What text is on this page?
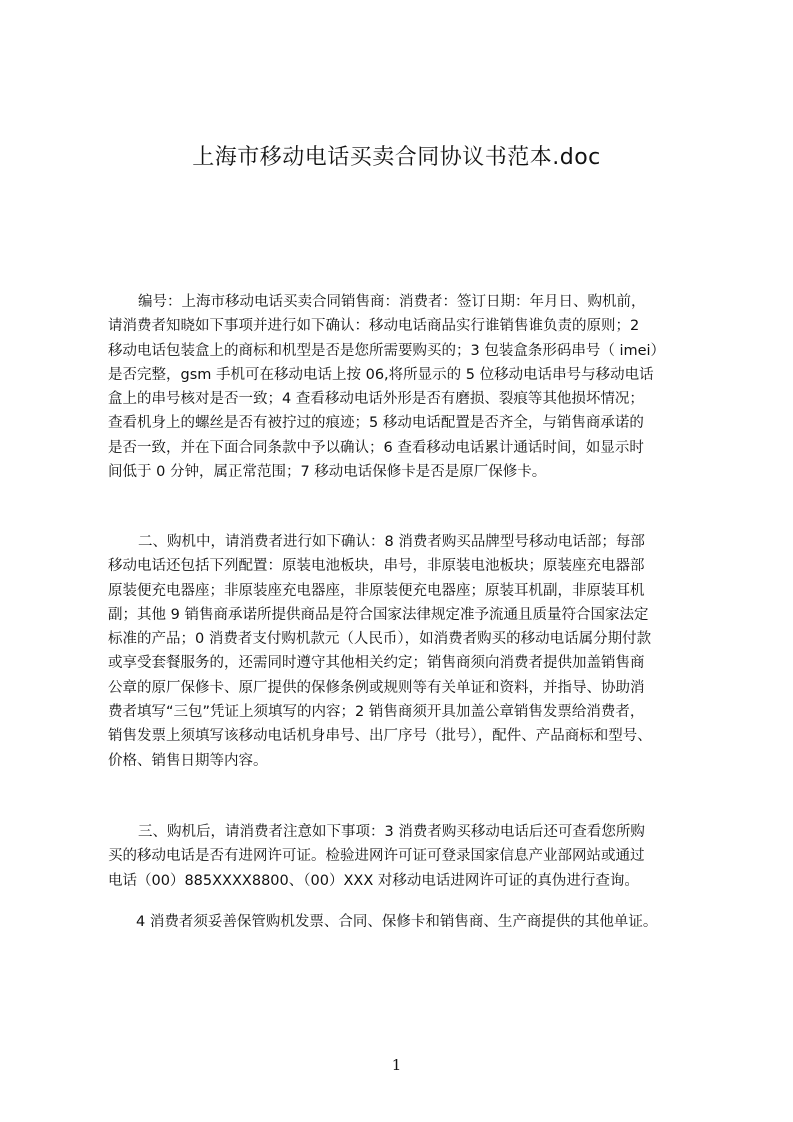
上海市移动电话买卖合同协议书范本.doc
编号：上海市移动电话买卖合同销售商：消费者：签订日期：年月日、购机前，
请消费者知晓如下事项并进行如下确认：移动电话商品实行谁销售谁负责的原则；2
移动电话包装盒上的商标和机型是否是您所需要购买的；3 包装盒条形码串号（ imei）
是否完整，gsm 手机可在移动电话上按 06,将所显示的 5 位移动电话串号与移动电话
盒上的串号核对是否一致；4 查看移动电话外形是否有磨损、裂痕等其他损坏情况；
查看机身上的螺丝是否有被拧过的痕迹；5 移动电话配置是否齐全，与销售商承诺的
是否一致，并在下面合同条款中予以确认；6 查看移动电话累计通话时间，如显示时
间低于 0 分钟，属正常范围；7 移动电话保修卡是否是原厂保修卡。
二、购机中，请消费者进行如下确认：8 消费者购买品牌型号移动电话部；每部
移动电话还包括下列配置：原装电池板块，串号，非原装电池板块；原装座充电器部
原装便充电器座；非原装座充电器座，非原装便充电器座；原装耳机副，非原装耳机
副；其他 9 销售商承诺所提供商品是符合国家法律规定准予流通且质量符合国家法定
标准的产品；0 消费者支付购机款元（人民币），如消费者购买的移动电话属分期付款
或享受套餐服务的，还需同时遵守其他相关约定；销售商须向消费者提供加盖销售商
公章的原厂保修卡、原厂提供的保修条例或规则等有关单证和资料，并指导、协助消
费者填写“三包”凭证上须填写的内容；2 销售商须开具加盖公章销售发票给消费者，
销售发票上须填写该移动电话机身串号、出厂序号（批号），配件、产品商标和型号、
价格、销售日期等内容。
三、购机后，请消费者注意如下事项：3 消费者购买移动电话后还可查看您所购
买的移动电话是否有进网许可证。检验进网许可证可登录国家信息产业部网站或通过
电话（00）885XXXX8800、（00）XXX 对移动电话进网许可证的真伪进行查询。
4 消费者须妥善保管购机发票、合同、保修卡和销售商、生产商提供的其他单证。
1
